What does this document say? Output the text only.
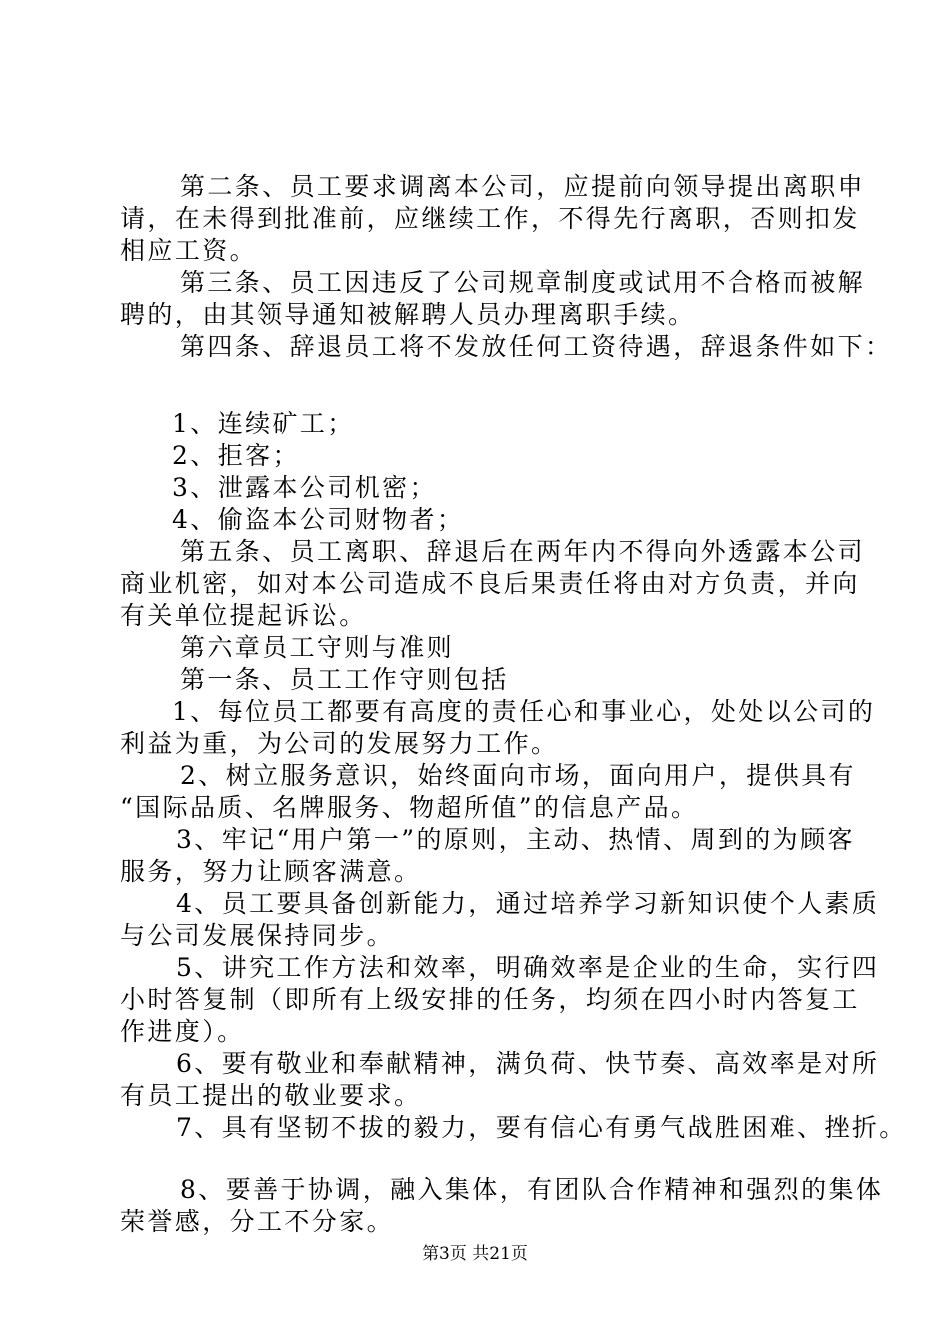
第二条、员工要求调离本公司，应提前向领导提出离职申
请，在未得到批准前，应继续工作，不得先行离职，否则扣发
相应工资。
第三条、员工因违反了公司规章制度或试用不合格而被解
聘的，由其领导通知被解聘人员办理离职手续。
第四条、辞退员工将不发放任何工资待遇，辞退条件如下：
1、连续矿工；
2、拒客；
3、泄露本公司机密；
4、偷盗本公司财物者；
第五条、员工离职、辞退后在两年内不得向外透露本公司
商业机密，如对本公司造成不良后果责任将由对方负责，并向
有关单位提起诉讼。
第六章员工守则与准则
第一条、员工工作守则包括
1、每位员工都要有高度的责任心和事业心，处处以公司的
利益为重，为公司的发展努力工作。
2、树立服务意识，始终面向市场，面向用户，提供具有
“国际品质、名牌服务、物超所值”的信息产品。
3、牢记“用户第一”的原则，主动、热情、周到的为顾客
服务，努力让顾客满意。
4、员工要具备创新能力，通过培养学习新知识使个人素质
与公司发展保持同步。
5、讲究工作方法和效率，明确效率是企业的生命，实行四
小时答复制（即所有上级安排的任务，均须在四小时内答复工
作进度）。
6、要有敬业和奉献精神，满负荷、快节奏、高效率是对所
有员工提出的敬业要求。
7、具有坚韧不拔的毅力，要有信心有勇气战胜困难、挫折。
8、要善于协调，融入集体，有团队合作精神和强烈的集体
荣誉感，分工不分家。
第3页 共21页
